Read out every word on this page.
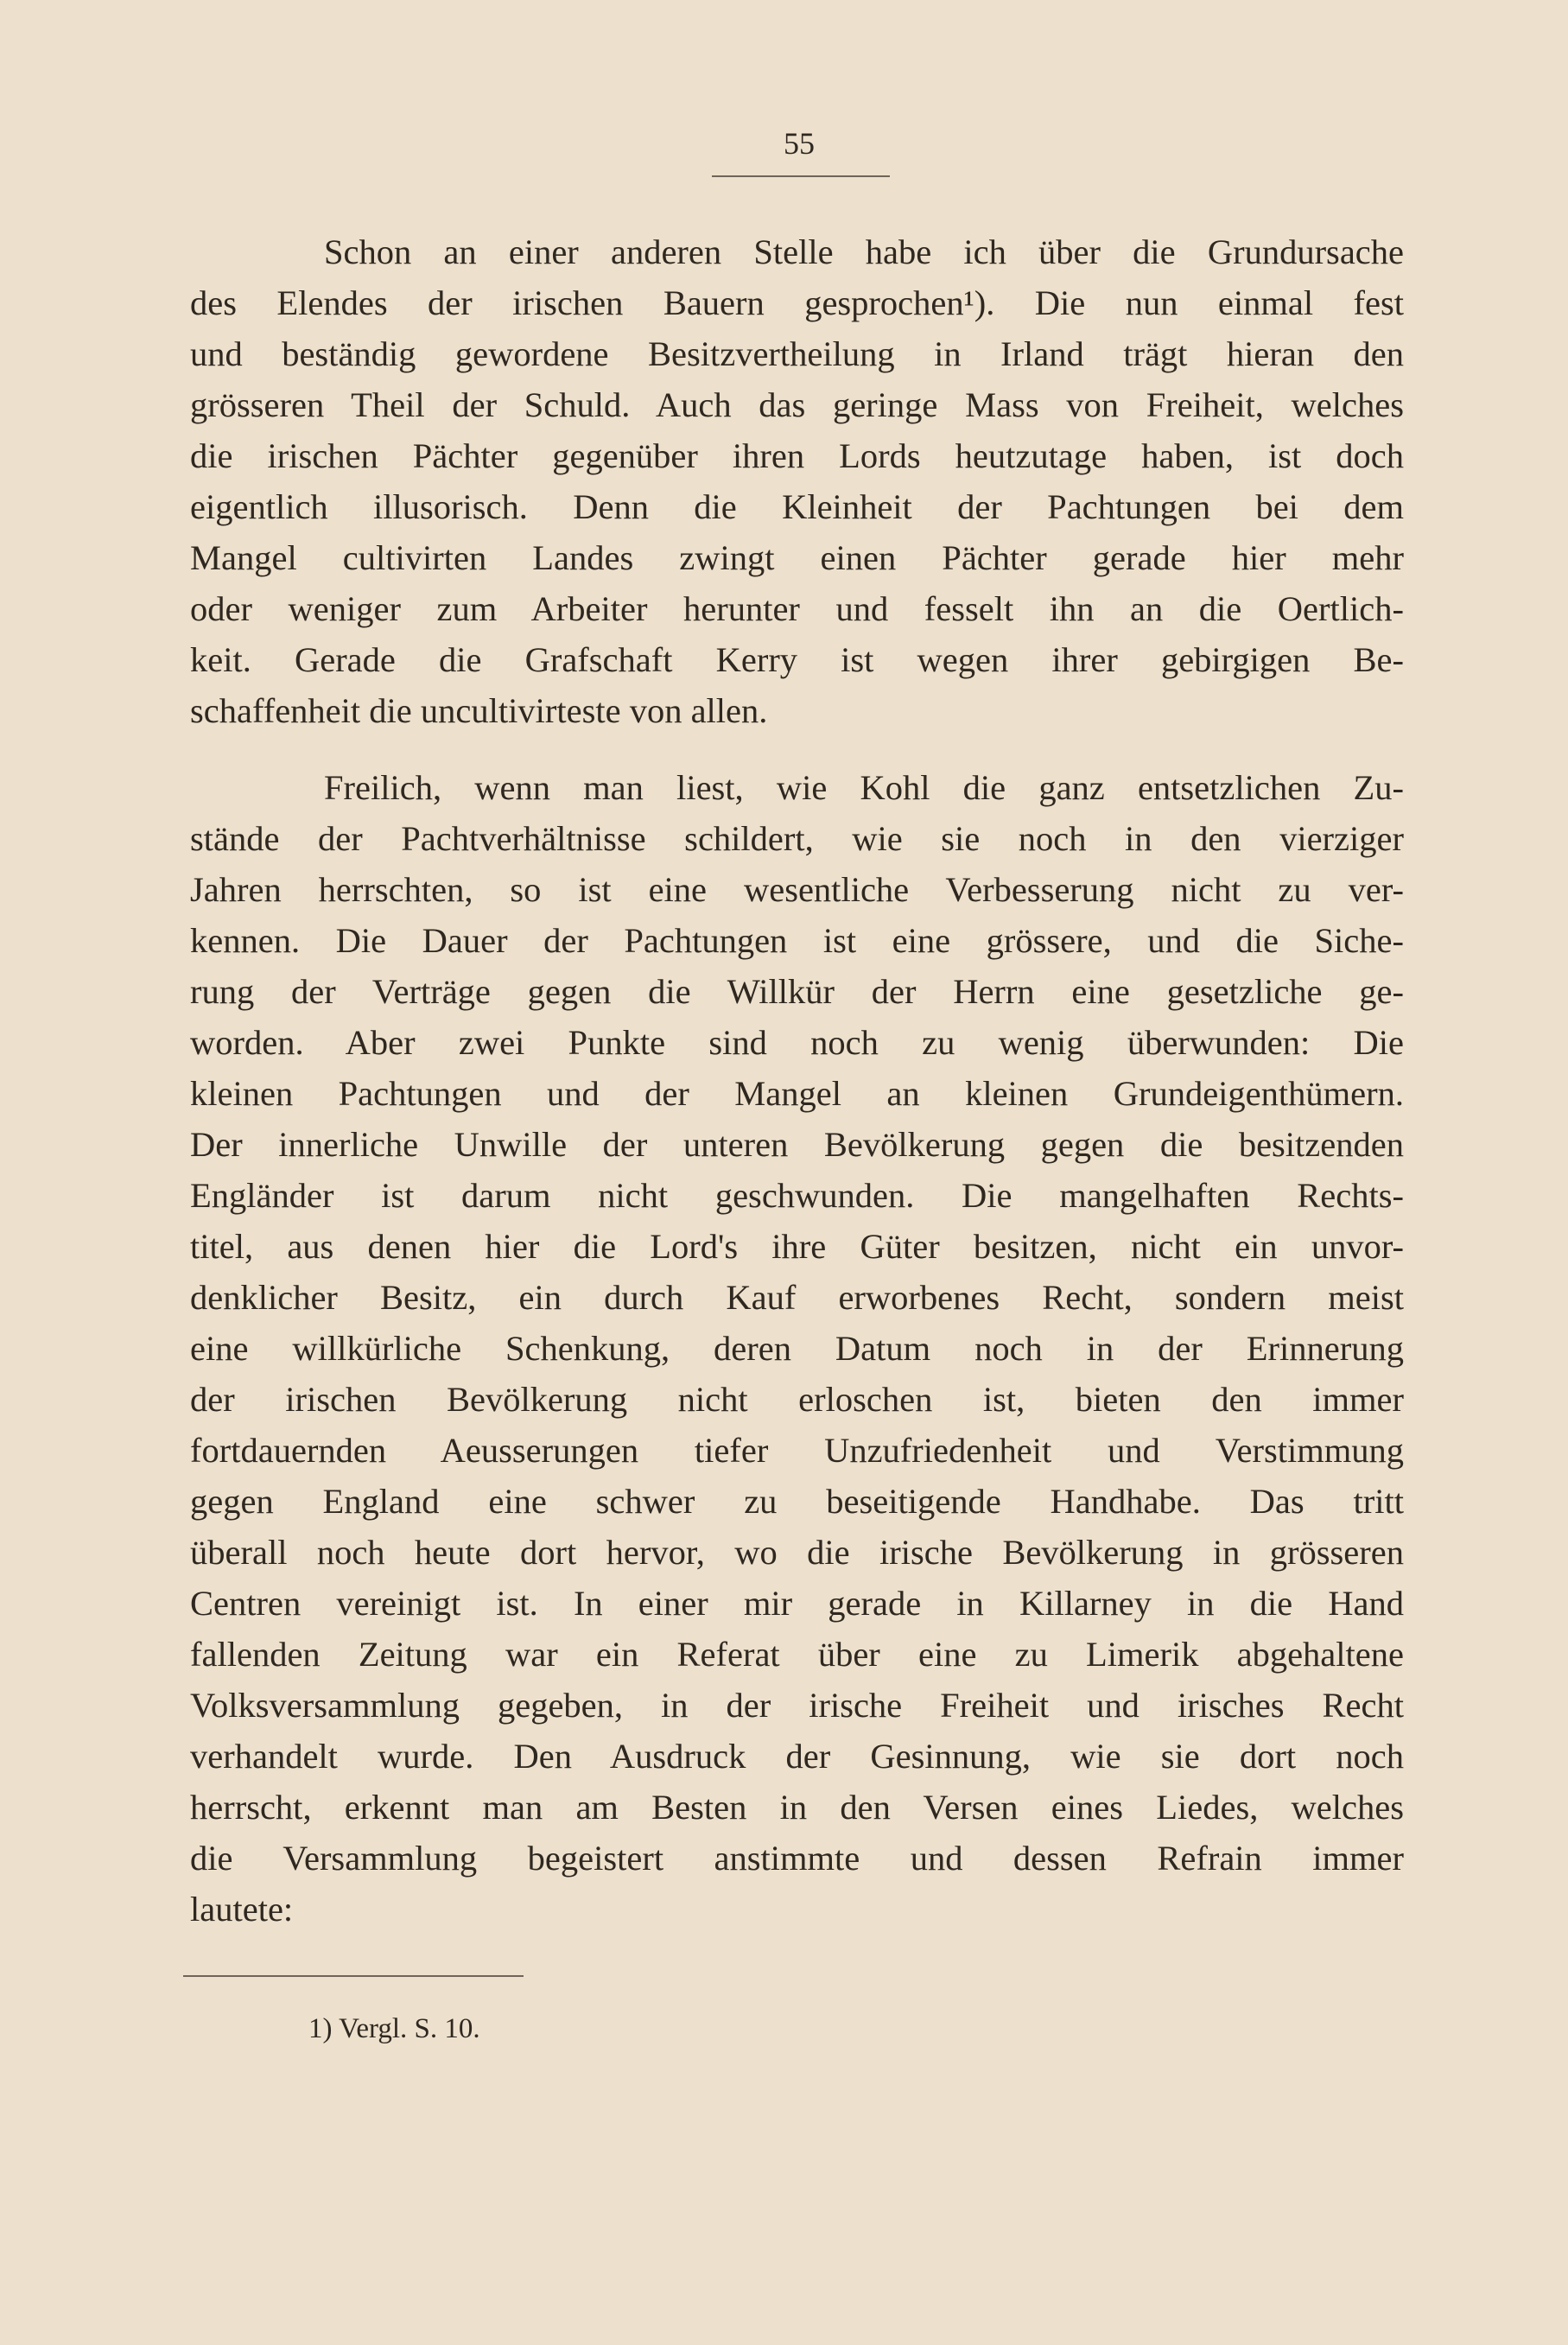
55
Schon an einer anderen Stelle habe ich über die Grundursache
des Elendes der irischen Bauern gesprochen¹). Die nun einmal fest
und beständig gewordene Besitzvertheilung in Irland trägt hieran den
grösseren Theil der Schuld. Auch das geringe Mass von Freiheit, welches
die irischen Pächter gegenüber ihren Lords heutzutage haben, ist doch
eigentlich illusorisch. Denn die Kleinheit der Pachtungen bei dem
Mangel cultivirten Landes zwingt einen Pächter gerade hier mehr
oder weniger zum Arbeiter herunter und fesselt ihn an die Oertlich-
keit. Gerade die Grafschaft Kerry ist wegen ihrer gebirgigen Be-
schaffenheit die uncultivirteste von allen.
Freilich, wenn man liest, wie Kohl die ganz entsetzlichen Zu-
stände der Pachtverhältnisse schildert, wie sie noch in den vierziger
Jahren herrschten, so ist eine wesentliche Verbesserung nicht zu ver-
kennen. Die Dauer der Pachtungen ist eine grössere, und die Siche-
rung der Verträge gegen die Willkür der Herrn eine gesetzliche ge-
worden. Aber zwei Punkte sind noch zu wenig überwunden: Die
kleinen Pachtungen und der Mangel an kleinen Grundeigenthümern.
Der innerliche Unwille der unteren Bevölkerung gegen die besitzenden
Engländer ist darum nicht geschwunden. Die mangelhaften Rechts-
titel, aus denen hier die Lord's ihre Güter besitzen, nicht ein unvor-
denklicher Besitz, ein durch Kauf erworbenes Recht, sondern meist
eine willkürliche Schenkung, deren Datum noch in der Erinnerung
der irischen Bevölkerung nicht erloschen ist, bieten den immer
fortdauernden Aeusserungen tiefer Unzufriedenheit und Verstimmung
gegen England eine schwer zu beseitigende Handhabe. Das tritt
überall noch heute dort hervor, wo die irische Bevölkerung in grösseren
Centren vereinigt ist. In einer mir gerade in Killarney in die Hand
fallenden Zeitung war ein Referat über eine zu Limerik abgehaltene
Volksversammlung gegeben, in der irische Freiheit und irisches Recht
verhandelt wurde. Den Ausdruck der Gesinnung, wie sie dort noch
herrscht, erkennt man am Besten in den Versen eines Liedes, welches
die Versammlung begeistert anstimmte und dessen Refrain immer
lautete:
1) Vergl. S. 10.
